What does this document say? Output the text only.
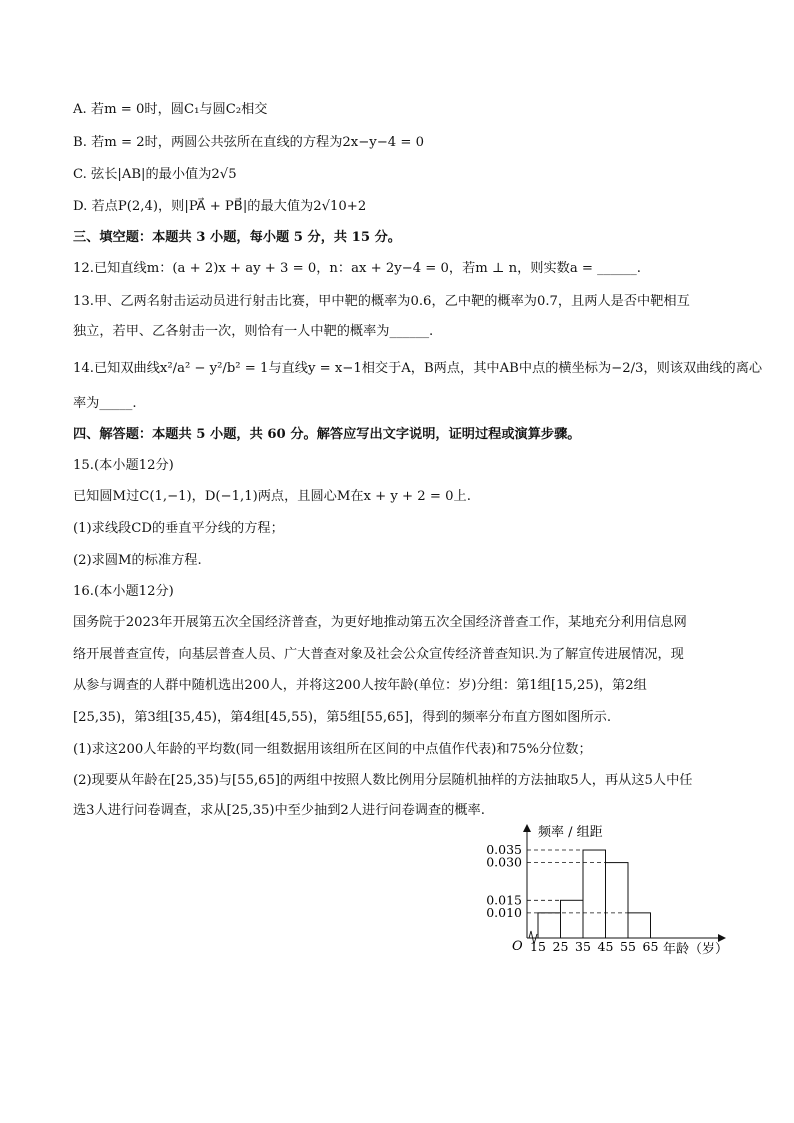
A. 若m = 0时，圆C₁与圆C₂相交
B. 若m = 2时，两圆公共弦所在直线的方程为2x−y−4 = 0
C. 弦长|AB|的最小值为2√5
D. 若点P(2,4)，则|PA⃗ + PB⃗|的最大值为2√10+2
三、填空题：本题共 3 小题，每小题 5 分，共 15 分。
12.已知直线m：(a + 2)x + ay + 3 = 0，n：ax + 2y−4 = 0，若m ⊥ n，则实数a = ______.
13.甲、乙两名射击运动员进行射击比赛，甲中靶的概率为0.6，乙中靶的概率为0.7，且两人是否中靶相互
独立，若甲、乙各射击一次，则恰有一人中靶的概率为______.
14.已知双曲线x²/a² − y²/b² = 1与直线y = x−1相交于A，B两点，其中AB中点的横坐标为−2/3，则该双曲线的离心
率为_____.
四、解答题：本题共 5 小题，共 60 分。解答应写出文字说明，证明过程或演算步骤。
15.(本小题12分)
已知圆M过C(1,−1)，D(−1,1)两点，且圆心M在x + y + 2 = 0上.
(1)求线段CD的垂直平分线的方程；
(2)求圆M的标准方程.
16.(本小题12分)
国务院于2023年开展第五次全国经济普查，为更好地推动第五次全国经济普查工作，某地充分利用信息网
络开展普查宣传，向基层普查人员、广大普查对象及社会公众宣传经济普查知识.为了解宣传进展情况，现
从参与调查的人群中随机选出200人，并将这200人按年龄(单位：岁)分组：第1组[15,25)，第2组
[25,35)，第3组[35,45)，第4组[45,55)，第5组[55,65]，得到的频率分布直方图如图所示.
(1)求这200人年龄的平均数(同一组数据用该组所在区间的中点值作代表)和75%分位数；
(2)现要从年龄在[25,35)与[55,65]的两组中按照人数比例用分层随机抽样的方法抽取5人，再从这5人中任
选3人进行问卷调查，求从[25,35)中至少抽到2人进行问卷调查的概率.
0.010
0.015
0.030
0.035
15 25 35 45 55 65
O
频率 / 组距
年龄（岁）
